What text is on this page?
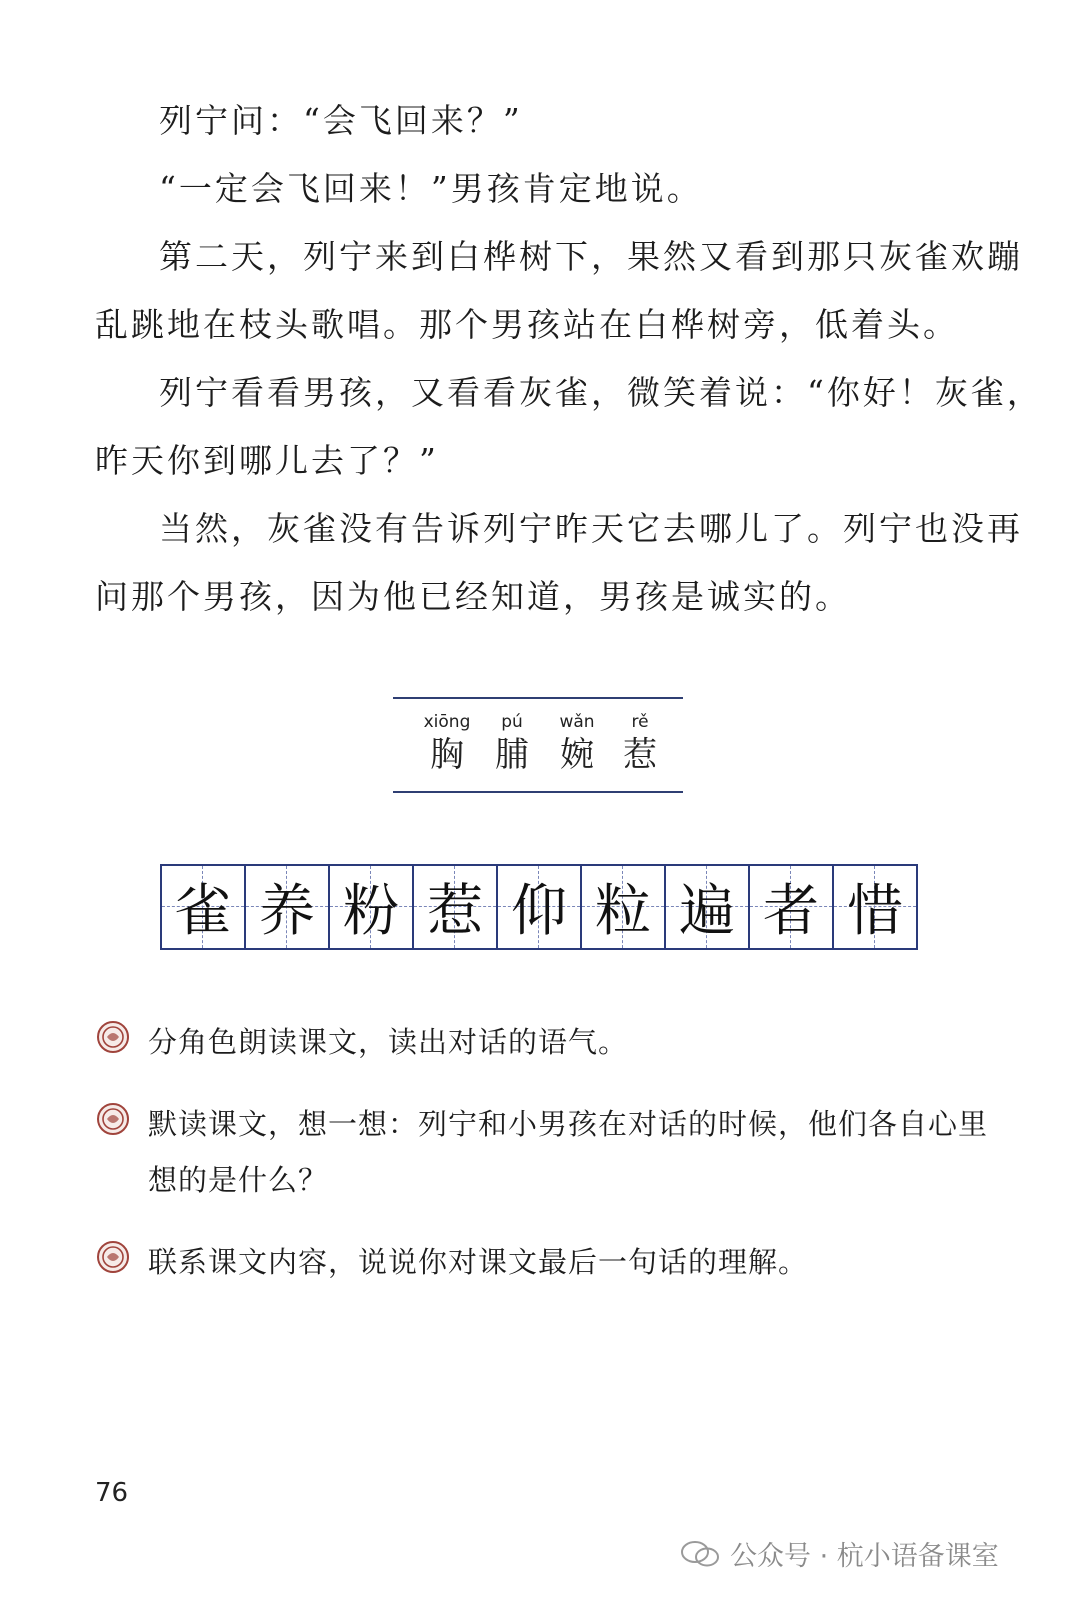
列宁问：“会飞回来？”
“一定会飞回来！”男孩肯定地说。
第二天，列宁来到白桦树下，果然又看到那只灰雀欢蹦
乱跳地在枝头歌唱。那个男孩站在白桦树旁，低着头。
列宁看看男孩，又看看灰雀，微笑着说：“你好！灰雀，
昨天你到哪儿去了？”
当然，灰雀没有告诉列宁昨天它去哪儿了。列宁也没再
问那个男孩，因为他已经知道，男孩是诚实的。
xiōng
胸
pú
脯
wǎn
婉
rě
惹
雀 养 粉 惹 仰 粒 遍 者 惜
分角色朗读课文，读出对话的语气。
默读课文，想一想：列宁和小男孩在对话的时候，他们各自心里
想的是什么？
联系课文内容，说说你对课文最后一句话的理解。
76
公众号 · 杭小语备课室
